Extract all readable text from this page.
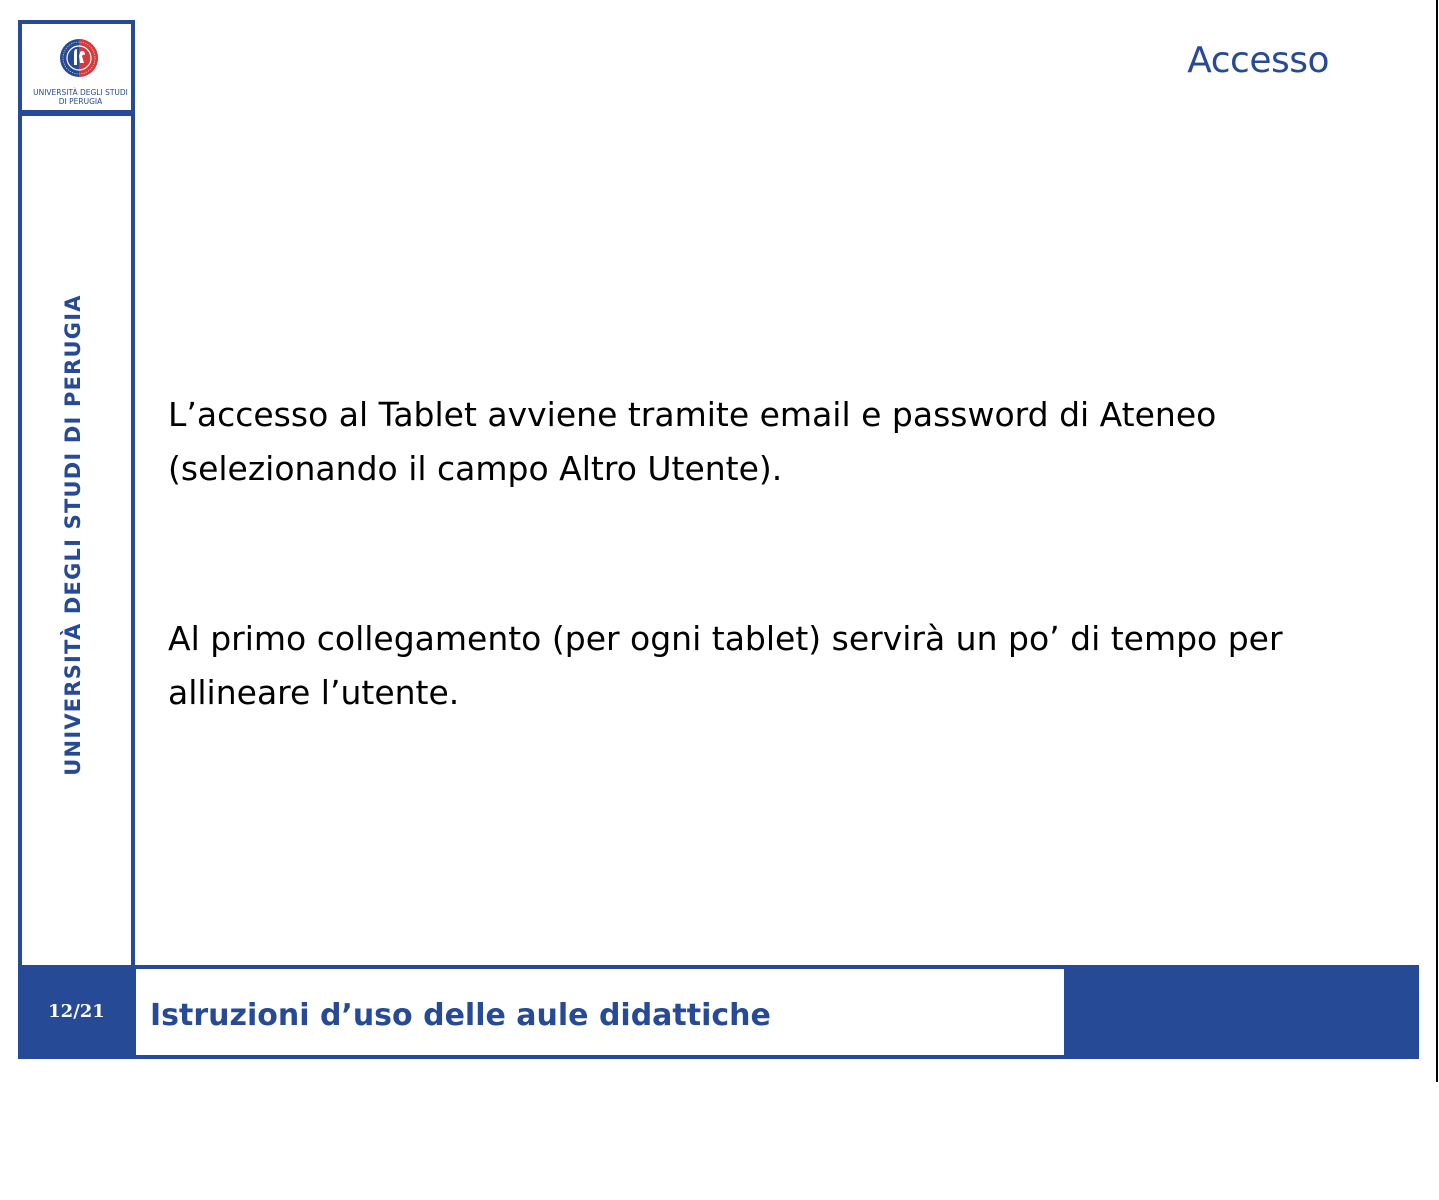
UNIVERSITÀ DEGLI STUDI
DI PERUGIA
UNIVERSITÀ DEGLI STUDI DI PERUGIA
Accesso

L’accesso al Tablet avviene tramite email e password di Ateneo (selezionando il campo Altro Utente).

Al primo collegamento (per ogni tablet) servirà un po’ di tempo per allineare l’utente.

12/21	Istruzioni d’uso delle aule didattiche
